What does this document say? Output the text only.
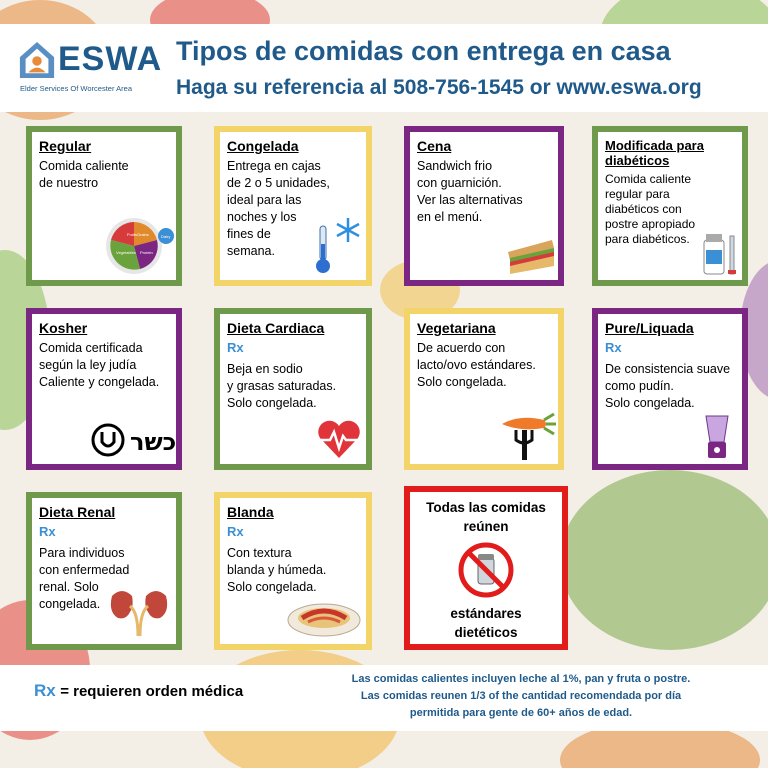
ESWA
Elder Services Of Worcester Area
Tipos de comidas con entrega en casa
Haga su referencia al 508-756-1545 or www.eswa.org
Regular
Comida caliente
de nuestro
Fruits Grains
Vegetables Protein
Dairy
Congelada
Entrega en cajas
de 2 o 5 unidades,
ideal para las
noches y los
fines de
semana.
Cena
Sandwich frio
con guarnición.
Ver las alternativas
en el menú.
Modificada para diabéticos
Comida caliente
regular para
diabéticos con
postre apropiado
para diabéticos.
Kosher
Comida certificada
según la ley judía
Caliente y congelada.
כשר
Dieta Cardiaca
Rx
Beja en sodio
y grasas saturadas.
Solo congelada.
Vegetariana
De acuerdo con
lacto/ovo estándares.
Solo congelada.
Pure/Liquada
Rx
De consistencia suave
como pudín.
Solo congelada.
Dieta Renal
Rx
Para individuos
con enfermedad
renal. Solo
congelada.
Blanda
Rx
Con textura
blanda y húmeda.
Solo congelada.
Todas las comidas reúnen
estándares dietéticos
Rx = requieren orden médica
Las comidas calientes incluyen leche al 1%, pan y fruta o postre.
Las comidas reunen 1/3 of the cantidad recomendada por día
permitida para gente de 60+ años de edad.
